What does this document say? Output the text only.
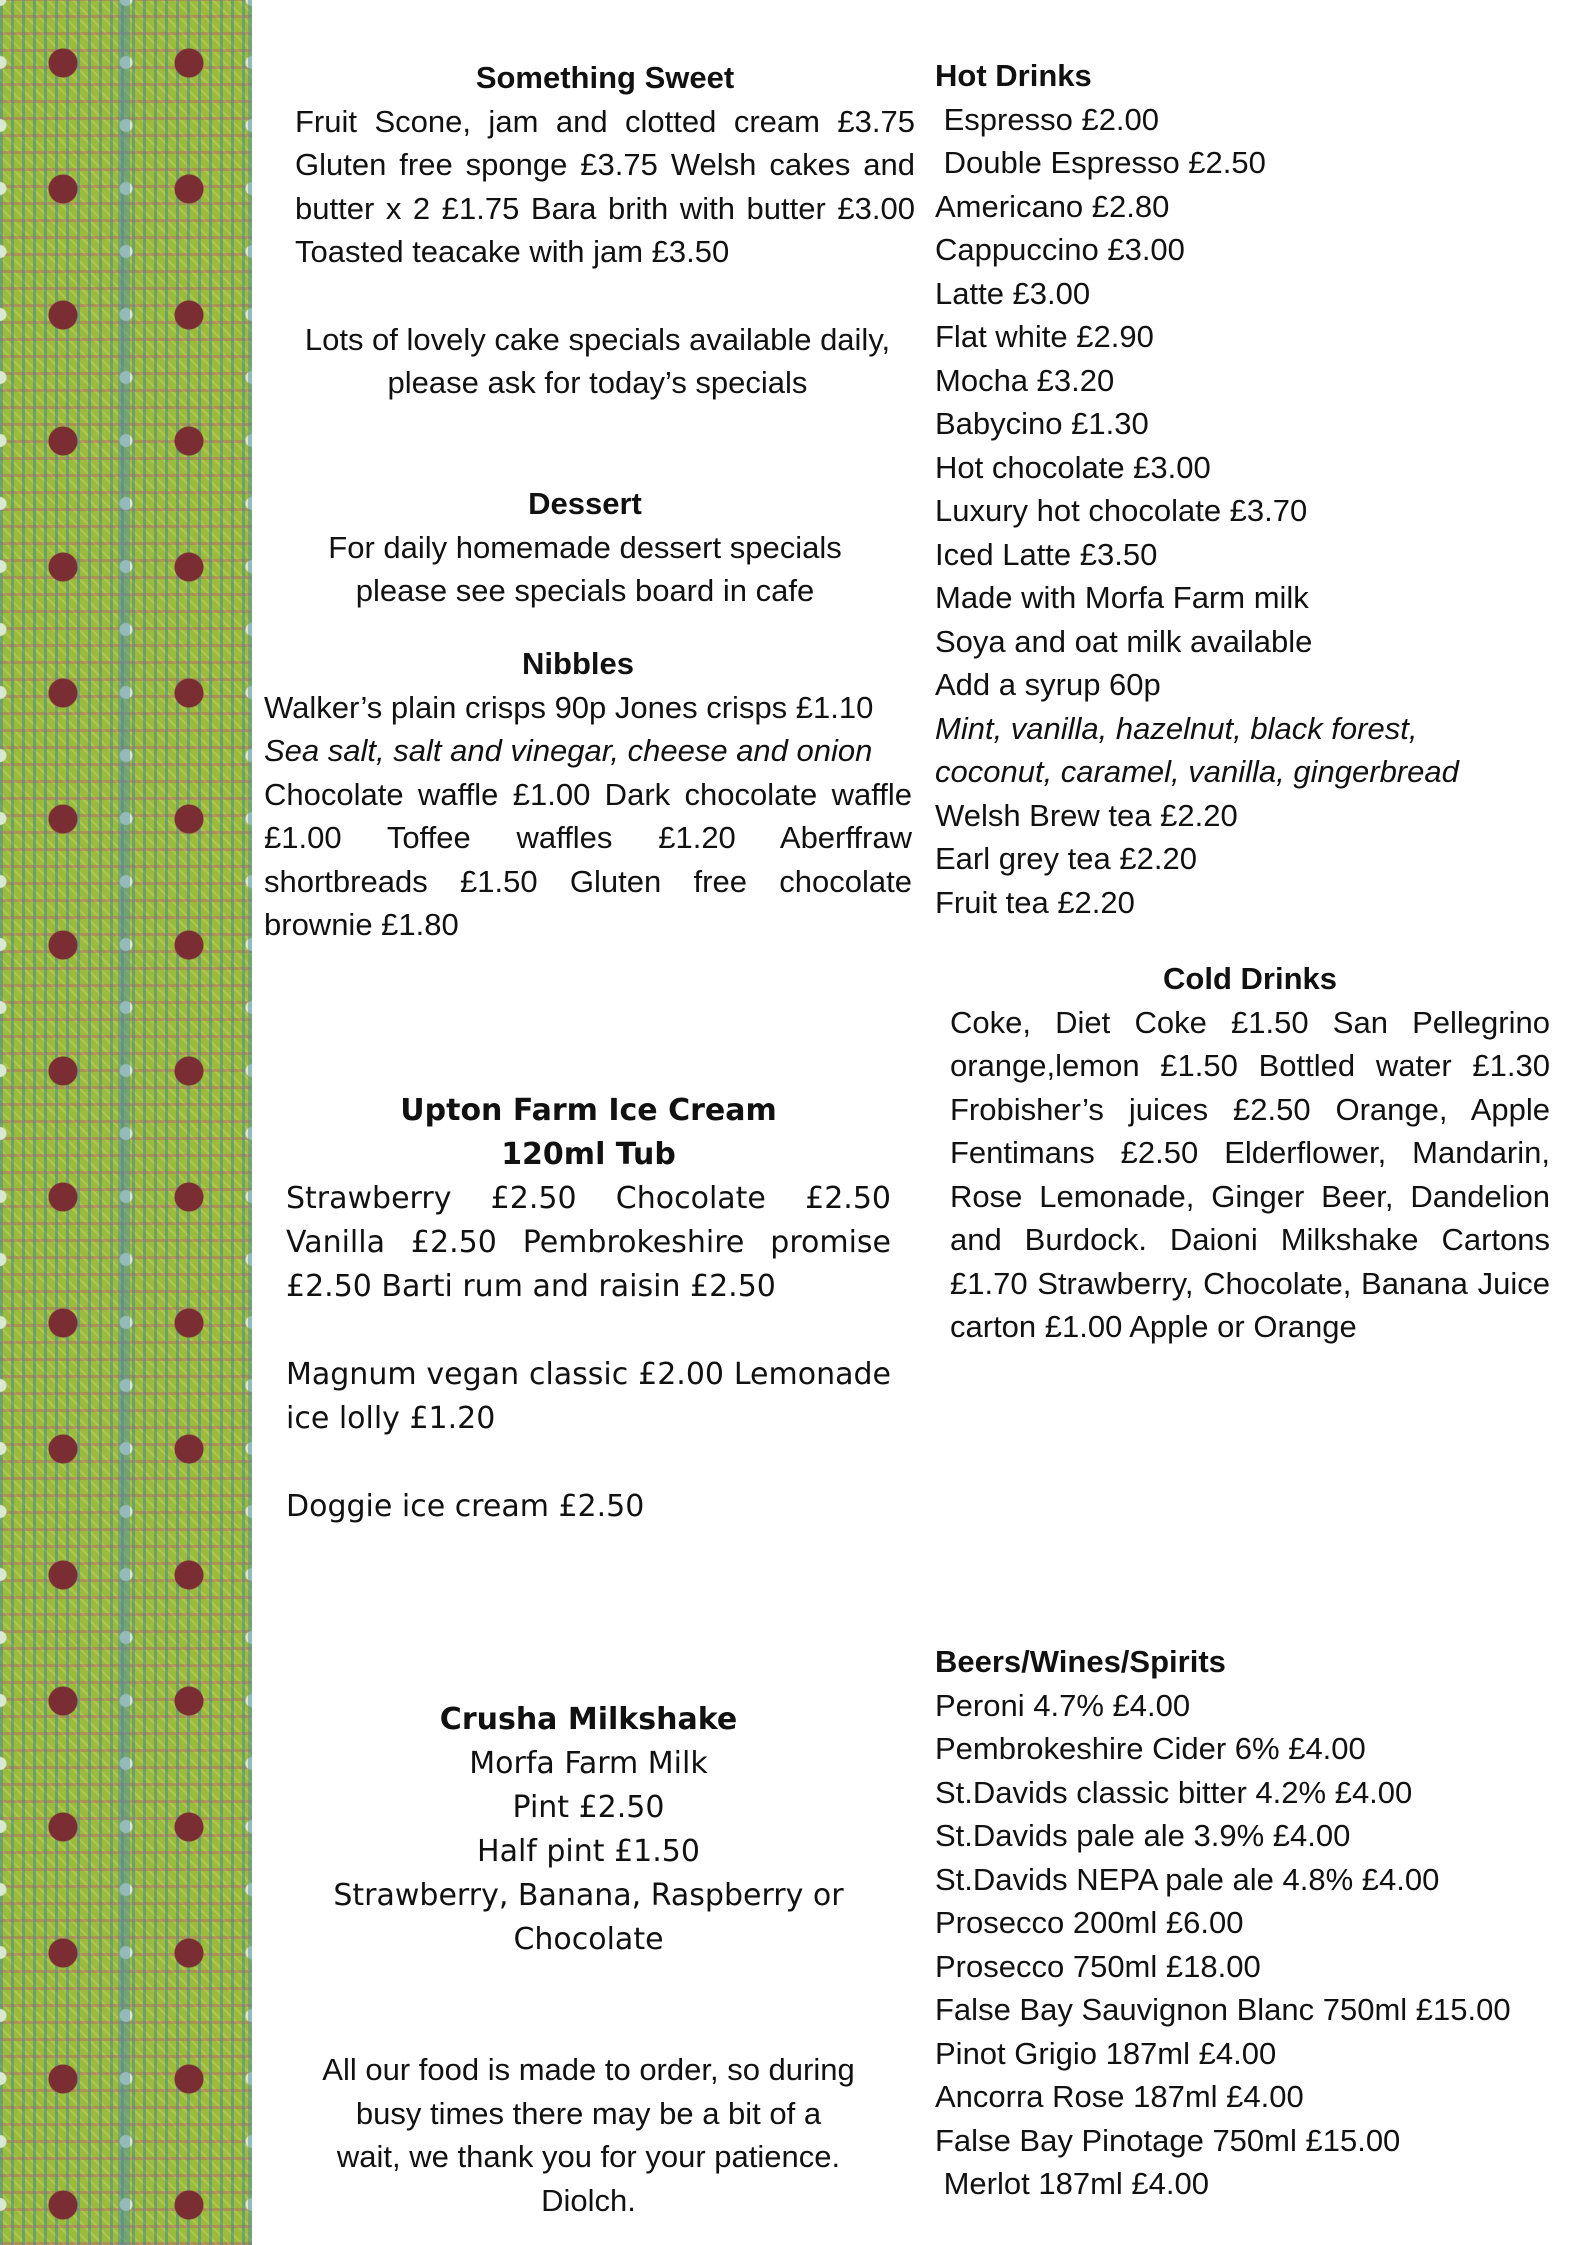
Something Sweet
Fruit Scone, jam and clotted cream £3.75 Gluten free sponge £3.75 Welsh cakes and butter x 2 £1.75 Bara brith with butter £3.00 Toasted teacake with jam £3.50
Lots of lovely cake specials available daily,
please ask for today’s specials
Dessert
For daily homemade dessert specials
please see specials board in cafe
Nibbles
Walker’s plain crisps 90p Jones crisps £1.10
Sea salt, salt and vinegar, cheese and onion
Chocolate waffle £1.00 Dark chocolate waffle £1.00 Toffee waffles £1.20 Aberffraw shortbreads £1.50 Gluten free chocolate brownie £1.80
Upton Farm Ice Cream
120ml Tub
Strawberry £2.50 Chocolate £2.50 Vanilla £2.50 Pembrokeshire promise £2.50 Barti rum and raisin £2.50
Magnum vegan classic £2.00 Lemonade ice lolly £1.20
Doggie ice cream £2.50
Crusha Milkshake
Morfa Farm Milk
Pint £2.50
Half pint £1.50
Strawberry, Banana, Raspberry or
Chocolate
All our food is made to order, so during
busy times there may be a bit of a
wait, we thank you for your patience.
Diolch.
Hot Drinks
Espresso £2.00
Double Espresso £2.50
Americano £2.80
Cappuccino £3.00
Latte £3.00
Flat white £2.90
Mocha £3.20
Babycino £1.30
Hot chocolate £3.00
Luxury hot chocolate £3.70
Iced Latte £3.50
Made with Morfa Farm milk
Soya and oat milk available
Add a syrup 60p
Mint, vanilla, hazelnut, black forest,
coconut, caramel, vanilla, gingerbread
Welsh Brew tea £2.20
Earl grey tea £2.20
Fruit tea £2.20
Cold Drinks
Coke, Diet Coke £1.50 San Pellegrino orange,lemon £1.50 Bottled water £1.30 Frobisher’s juices £2.50 Orange, Apple Fentimans £2.50 Elderflower, Mandarin, Rose Lemonade, Ginger Beer, Dandelion and Burdock. Daioni Milkshake Cartons £1.70 Strawberry, Chocolate, Banana Juice carton £1.00 Apple or Orange
Beers/Wines/Spirits
Peroni 4.7% £4.00
Pembrokeshire Cider 6% £4.00
St.Davids classic bitter 4.2% £4.00
St.Davids pale ale 3.9% £4.00
St.Davids NEPA pale ale 4.8% £4.00
Prosecco 200ml £6.00
Prosecco 750ml £18.00
False Bay Sauvignon Blanc 750ml £15.00
Pinot Grigio 187ml £4.00
Ancorra Rose 187ml £4.00
False Bay Pinotage 750ml £15.00
Merlot 187ml £4.00
